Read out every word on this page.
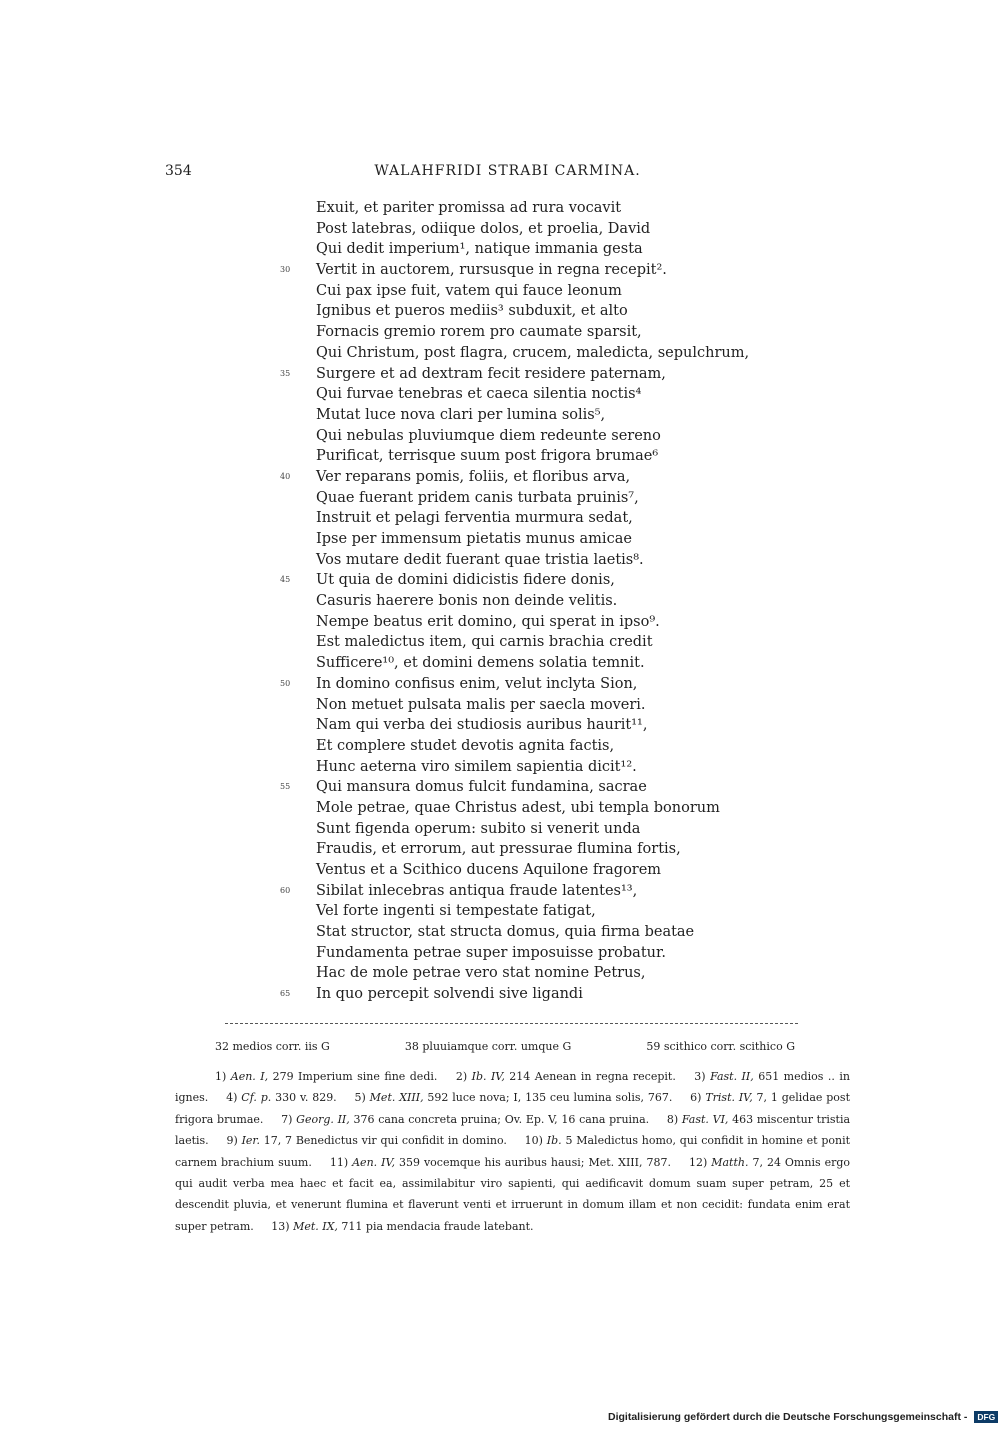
354	WALAHFRIDI STRABI CARMINA.
Exuit, et pariter promissa ad rura vocavit
Post latebras, odiique dolos, et proelia, David
Qui dedit imperium¹, natique immania gesta
30	Vertit in auctorem, rursusque in regna recepit².
Cui pax ipse fuit, vatem qui fauce leonum
Ignibus et pueros mediis³ subduxit, et alto
Fornacis gremio rorem pro caumate sparsit,
Qui Christum, post flagra, crucem, maledicta, sepulchrum,
35	Surgere et ad dextram fecit residere paternam,
Qui furvae tenebras et caeca silentia noctis⁴
Mutat luce nova clari per lumina solis⁵,
Qui nebulas pluviumque diem redeunte sereno
Purificat, terrisque suum post frigora brumae⁶
40	Ver reparans pomis, foliis, et floribus arva,
Quae fuerant pridem canis turbata pruinis⁷,
Instruit et pelagi ferventia murmura sedat,
Ipse per immensum pietatis munus amicae
Vos mutare dedit fuerant quae tristia laetis⁸.
45	Ut quia de domini didicistis fidere donis,
Casuris haerere bonis non deinde velitis.
Nempe beatus erit domino, qui sperat in ipso⁹.
Est maledictus item, qui carnis brachia credit
Sufficere¹⁰, et domini demens solatia temnit.
50	In domino confisus enim, velut inclyta Sion,
Non metuet pulsata malis per saecla moveri.
Nam qui verba dei studiosis auribus haurit¹¹,
Et complere studet devotis agnita factis,
Hunc aeterna viro similem sapientia dicit¹².
55	Qui mansura domus fulcit fundamina, sacrae
Mole petrae, quae Christus adest, ubi templa bonorum
Sunt figenda operum: subito si venerit unda
Fraudis, et errorum, aut pressurae flumina fortis,
Ventus et a Scithico ducens Aquilone fragorem
60	Sibilat inlecebras antiqua fraude latentes¹³,
Vel forte ingenti si tempestate fatigat,
Stat structor, stat structa domus, quia firma beatae
Fundamenta petrae super imposuisse probatur.
Hac de mole petrae vero stat nomine Petrus,
65	In quo percepit solvendi sive ligandi
32 medios corr. iis G	38 pluuiamque corr. umque G	59 scithico corr. scithico G
1) Aen. I, 279 Imperium sine fine dedi. 2) Ib. IV, 214 Aenean in regna recepit. 3) Fast. II, 651 medios .. in ignes. 4) Cf. p. 330 v. 829. 5) Met. XIII, 592 luce nova; I, 135 ceu lumina solis, 767. 6) Trist. IV, 7, 1 gelidae post frigora brumae. 7) Georg. II, 376 cana concreta pruina; Ov. Ep. V, 16 cana pruina. 8) Fast. VI, 463 miscentur tristia laetis. 9) Ier. 17, 7 Benedictus vir qui confidit in domino. 10) Ib. 5 Maledictus homo, qui confidit in homine et ponit carnem brachium suum. 11) Aen. IV, 359 vocemque his auribus hausi; Met. XIII, 787. 12) Matth. 7, 24 Omnis ergo qui audit verba mea haec et facit ea, assimilabitur viro sapienti, qui aedificavit domum suam super petram, 25 et descendit pluvia, et venerunt flumina et flaverunt venti et irruerunt in domum illam et non cecidit: fundata enim erat super petram. 13) Met. IX, 711 pia mendacia fraude latebant.
Digitalisierung gefördert durch die Deutsche Forschungsgemeinschaft - DFG
